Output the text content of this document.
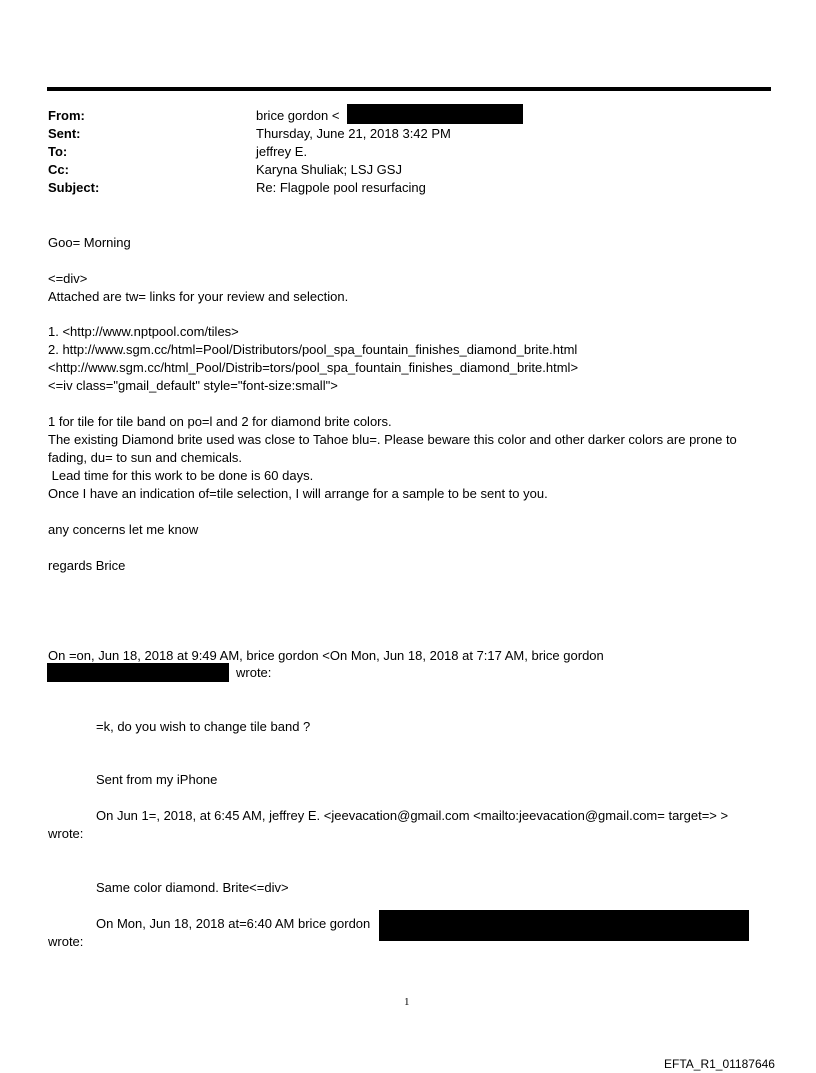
From:	brice gordon <
Sent:	Thursday, June 21, 2018 3:42 PM
To:	jeffrey E.
Cc:	Karyna Shuliak; LSJ GSJ
Subject:	Re: Flagpole pool resurfacing
Goo= Morning
<=div>
Attached are tw= links for your review and selection.
1. <http://www.nptpool.com/tiles>
2. http://www.sgm.cc/html=Pool/Distributors/pool_spa_fountain_finishes_diamond_brite.html
<http://www.sgm.cc/html_Pool/Distrib=tors/pool_spa_fountain_finishes_diamond_brite.html>
<=iv class="gmail_default" style="font-size:small">
1 for tile for tile band on po=l and 2 for diamond brite colors.
The existing Diamond brite used was close to Tahoe blu=. Please beware this color and other darker colors are prone to
fading, du= to sun and chemicals.
Lead time for this work to be done is 60 days.
Once I have an indication of=tile selection, I will arrange for a sample to be sent to you.
any concerns let me know
regards Brice
On =on, Jun 18, 2018 at 9:49 AM, brice gordon <On Mon, Jun 18, 2018 at 7:17 AM, brice gordon
wrote:
=k, do you wish to change tile band ?
Sent from my iPhone
On Jun 1=, 2018, at 6:45 AM, jeffrey E. <jeevacation@gmail.com <mailto:jeevacation@gmail.com= target=> >
wrote:
Same color diamond. Brite<=div>
On Mon, Jun 18, 2018 at=6:40 AM brice gordon
wrote:
1
EFTA_R1_01187646
